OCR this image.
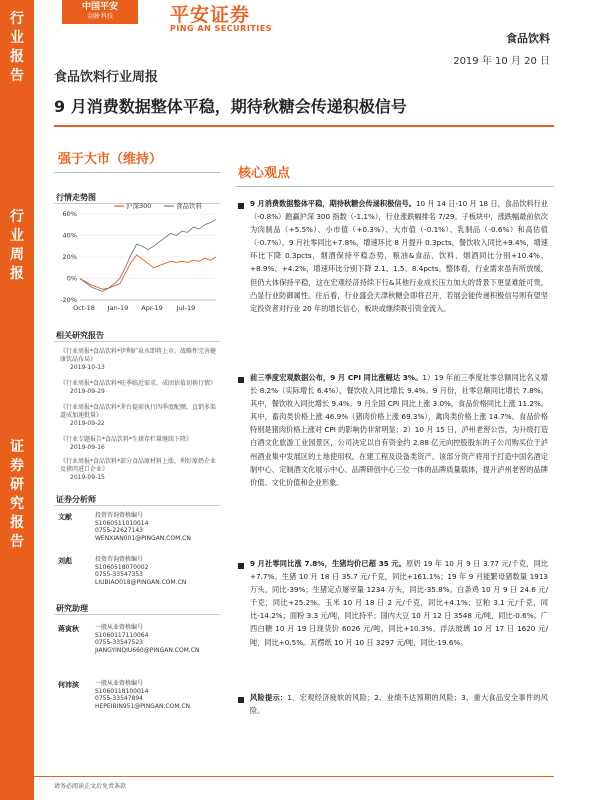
行业报告
行业周报
证券研究报告
中国平安
金融·科技	平安证券
PING AN SECURITIES
食品饮料
2019 年 10 月 20 日
食品饮料行业周报
9 月消费数据整体平稳，期待秋糖会传递积极信号
强于大市（维持）
行情走势图
60%
40%
20%
0%
-20%
Oct-18 Jan-19 Apr-19 Jul-19
沪深300	食品饮料
相关研究报告
《行业周报*食品饮料*伊利旷泉水即将上市，战略性完善健康饮品布局》
2019-10-13
《行业周报*食品饮料*旺季临近需求，成团估值切换行情》
2019-09-29
《行业周报*食品饮料*茅台提前执行四季度配额，直销多渠道成加速批量》
2019-09-22
《行业专题报告*食品饮料*生猪存栏量继续下降》
2019-09-16
《行业周报*食品饮料*部分食品原材料上涨，利好原奶企业及猪肉进口企业》
2019-09-15
证券分析师
文献	投资咨询资格编号
S1060511010014
0755-22627143
WENXIAN001@PINGAN.COM.CN
刘彪	投资咨询资格编号
S1060518070002
0755-33547353
LIUBIAO018@PINGAN.COM.CN
研究助理
蒋寅秋	一般从业资格编号
S1060117110064
0755-33547523
JIANGYINQIU660@PINGAN.COM.CN
何沛滨	一般从业资格编号
S1060118100014
0755-33547894
HEPEIBIN951@PINGAN.COM.CN
核心观点
9 月消费数据整体平稳，期待秋糖会传递积极信号。10 月 14 日-10 月 18 日，食品饮料行业（-0.8%）跑赢沪深 300 指数（-1.1%），行业涨跌幅排名 7/29。子板块中，涨跌幅最前依次为肉制品（+5.5%）、小市值（+0.3%）、大市值（-0.1%）、乳制品（-0.6%）和高估值（-0.7%）。9 月社零同比+7.8%，增速环比 8 月提升 0.3pcts，餐饮收入同比+9.4%，增速环比下降 0.3pcts，烟酒保持平稳态势，粮油&食品、饮料、烟酒同比分别+10.4%、+8.9%、+4.2%，增速环比分别下降 2.1、1.5、8.4pcts。整体看，行业需求虽有所放缓，但仍大体保持平稳，这在宏观经济持续下行&其他行业成长压力加大的背景下更显难能可贵，凸显行业防御属性。往后看，行业盛会天津秋糖会即将召开，若展会能传递积极信号则有望坚定投资者对行业 20 年的增长信心，板块或继续吸引资金流入。
前三季度宏观数据公布，9 月 CPI 同比涨幅达 3%。1）19 年前三季度社零总额同比名义增长 8.2%（实际增长 6.4%），餐饮收入同比增长 9.4%。9 月份，社零总额同比增长 7.8%。其中，餐饮收入同比增长 9.4%。9 月全国 CPI 同比上涨 3.0%，食品价格同比上涨 11.2%。其中，畜肉类价格上涨 46.9%（猪肉价格上涨 69.3%），禽肉类价格上涨 14.7%。食品价格特别是猪肉价格上涨对 CPI 的影响仍非常明显；2）10 月 15 日，泸州老窖公告，为升级打造白酒文化旅游工业园景区，公司决定以自有资金约 2.88 亿元向控股股东的子公司购买位于泸州酒业集中发展区的土地使用权。在建工程及设备类资产。该部分资产将用于打造中国名酒定制中心、定制酒文化展示中心、品牌研创中心三位一体的品牌质量载体，提升泸州老窖的品牌价值、文化价值和企业形象。
9 月社零同比涨 7.8%，生猪均价已超 35 元。原奶 19 年 10 月 9 日 3.77 元/千克，同比+7.7%。生猪 10 月 18 日 35.7 元/千克，同比+161.1%；19 年 9 月能繁母猪数量 1913 万头，同比-39%；生猪定点屠宰量 1234 万头，同比-35.8%。白条鸡 10 月 9 日 24.6 元/千克，同比+25.2%。玉米 10 月 18 日 2 元/千克，同比+4.1%；豆粕 3.1 元/千克，同比-14.2%；面粉 3.3 元/吨，同比持平；国内大豆 10 月 12 日 3548 元/吨，同比-0.6%。广西白糖 10 月 19 日现货价 6026 元/吨，同比+10.3%。浮法玻璃 10 月 17 日 1620 元/吨，同比+0.5%。瓦楞纸 10 月 10 日 3297 元/吨，同比-19.6%。
风险提示：1、宏观经济疲软的风险；2、业绩不达预期的风险；3、重大食品安全事件的风险。
请务必阅读正文后免责条款
